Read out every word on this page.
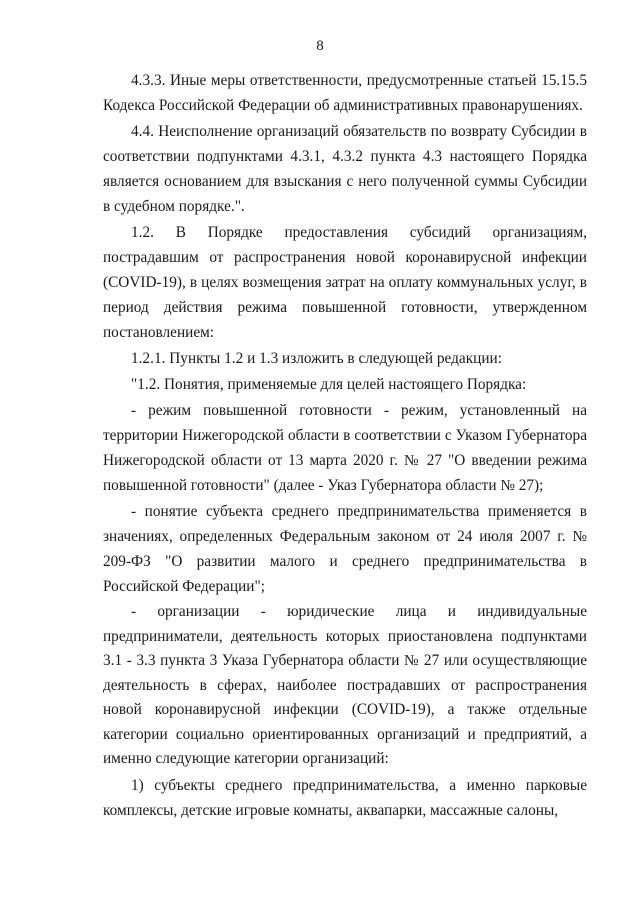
8

4.3.3. Иные меры ответственности, предусмотренные статьей 15.15.5 Кодекса Российской Федерации об административных правонарушениях.

4.4. Неисполнение организаций обязательств по возврату Субсидии в соответствии подпунктами 4.3.1, 4.3.2 пункта 4.3 настоящего Порядка является основанием для взыскания с него полученной суммы Субсидии в судебном порядке.".

1.2. В Порядке предоставления субсидий организациям, пострадавшим от распространения новой коронавирусной инфекции (COVID-19), в целях возмещения затрат на оплату коммунальных услуг, в период действия режима повышенной готовности, утвержденном постановлением:

1.2.1. Пункты 1.2 и 1.3 изложить в следующей редакции:

"1.2. Понятия, применяемые для целей настоящего Порядка:

- режим повышенной готовности - режим, установленный на территории Нижегородской области в соответствии с Указом Губернатора Нижегородской области от 13 марта 2020 г. № 27 "О введении режима повышенной готовности" (далее - Указ Губернатора области № 27);

- понятие субъекта среднего предпринимательства применяется в значениях, определенных Федеральным законом от 24 июля 2007 г. № 209-ФЗ "О развитии малого и среднего предпринимательства в Российской Федерации";

- организации - юридические лица и индивидуальные предприниматели, деятельность которых приостановлена подпунктами 3.1 - 3.3 пункта 3 Указа Губернатора области № 27 или осуществляющие деятельность в сферах, наиболее пострадавших от распространения новой коронавирусной инфекции (COVID-19), а также отдельные категории социально ориентированных организаций и предприятий, а именно следующие категории организаций:

1) субъекты среднего предпринимательства, а именно парковые комплексы, детские игровые комнаты, аквапарки, массажные салоны,
